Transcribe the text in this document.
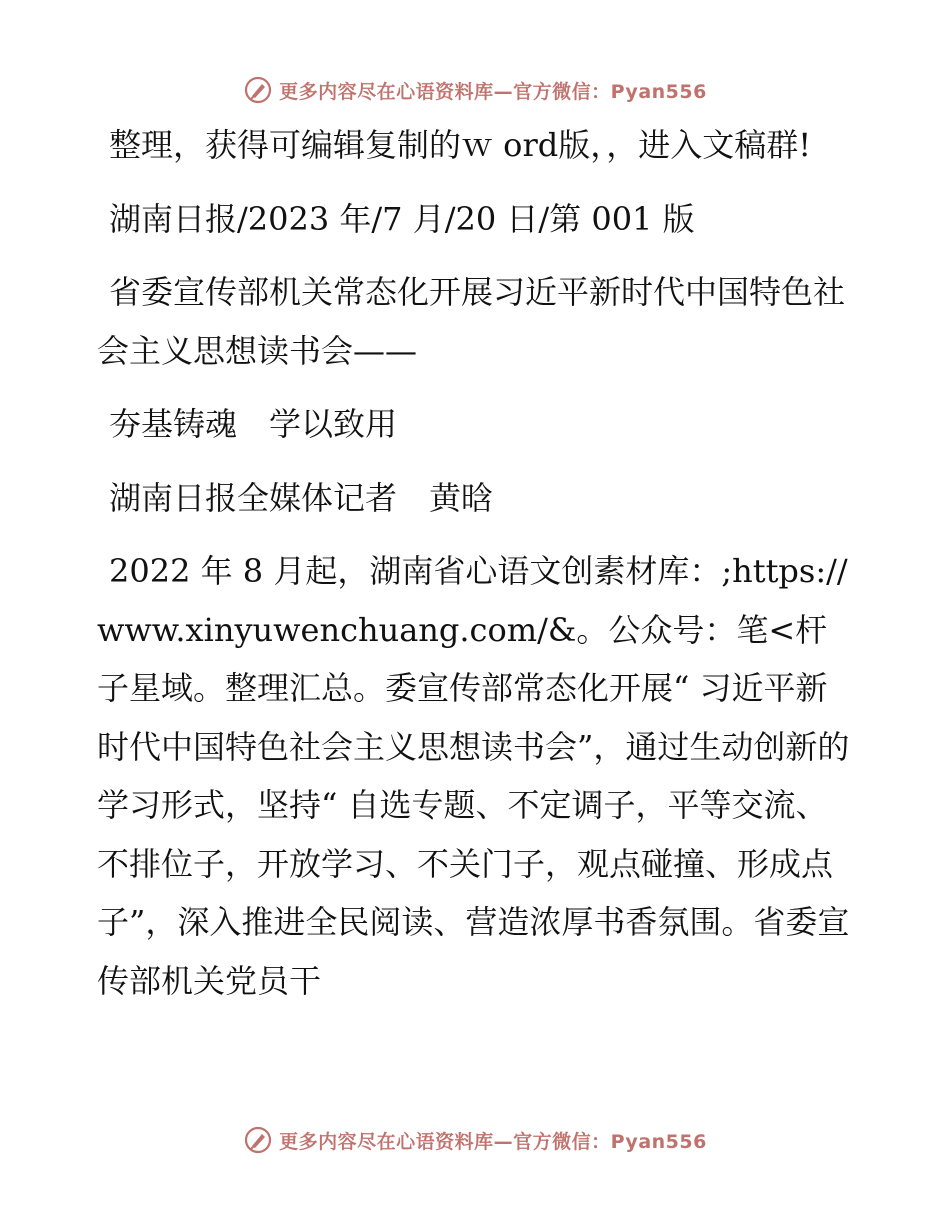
更多内容尽在心语资料库—官方微信：Pyan556

整理，获得可编辑复制的ｗ ord版，，进入文稿群!

湖南日报/2023 年/7 月/20 日/第 001 版

省委宣传部机关常态化开展习近平新时代中国特色社会主义思想读书会——

夯基铸魂　学以致用

湖南日报全媒体记者　黄晗

2022 年 8 月起，湖南省心语文创素材库：;https://www.xinyuwenchuang.com/&。公众号：笔<杆子星域。整理汇总。委宣传部常态化开展“ 习近平新时代中国特色社会主义思想读书会”，通过生动创新的学习形式，坚持“ 自选专题、不定调子，平等交流、不排位子，开放学习、不关门子，观点碰撞、形成点子”，深入推进全民阅读、营造浓厚书香氛围。省委宣传部机关党员干

更多内容尽在心语资料库—官方微信：Pyan556
